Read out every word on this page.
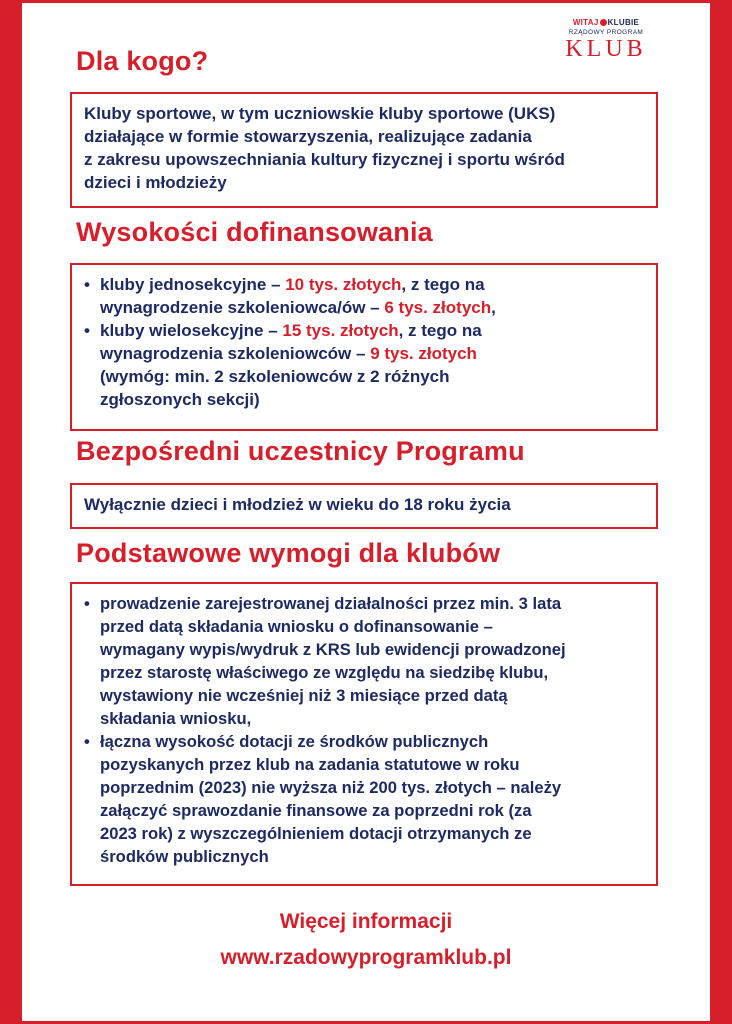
WITAJ KLUBIE
RZĄDOWY PROGRAM
KLUB
Dla kogo?

Kluby sportowe, w tym uczniowskie kluby sportowe (UKS)

działające w formie stowarzyszenia, realizujące zadania

z zakresu upowszechniania kultury fizycznej i sportu wśród

dzieci i młodzieży

Wysokości dofinansowania
• kluby jednosekcyjne – 10 tys. złotych, z tego na

wynagrodzenie szkoleniowca/ów – 6 tys. złotych,

• kluby wielosekcyjne – 15 tys. złotych, z tego na

wynagrodzenia szkoleniowców – 9 tys. złotych

(wymóg: min. 2 szkoleniowców z 2 różnych

zgłoszonych sekcji)

Bezpośredni uczestnicy Programu

Wyłącznie dzieci i młodzież w wieku do 18 roku życia

Podstawowe wymogi dla klubów
• prowadzenie zarejestrowanej działalności przez min. 3 lata

przed datą składania wniosku o dofinansowanie –

wymagany wypis/wydruk z KRS lub ewidencji prowadzonej

przez starostę właściwego ze względu na siedzibę klubu,

wystawiony nie wcześniej niż 3 miesiące przed datą

składania wniosku,

• łączna wysokość dotacji ze środków publicznych

pozyskanych przez klub na zadania statutowe w roku

poprzednim (2023) nie wyższa niż 200 tys. złotych – należy

załączyć sprawozdanie finansowe za poprzedni rok (za

2023 rok) z wyszczególnieniem dotacji otrzymanych ze

środków publicznych

Więcej informacji

www.rzadowyprogramklub.pl
